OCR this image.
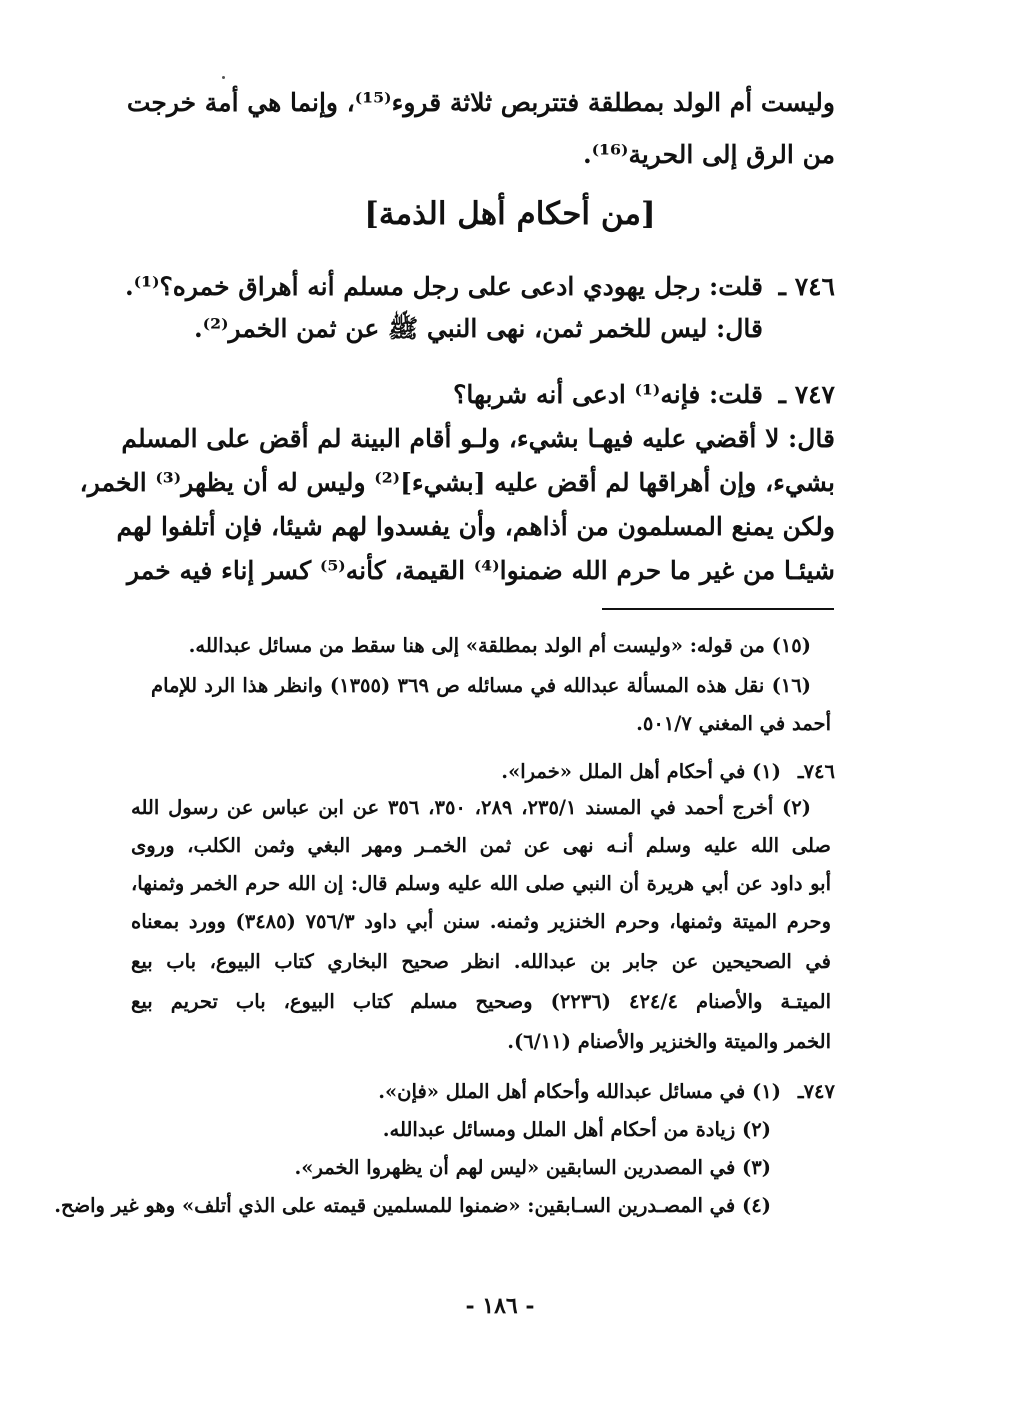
وليست أم الولد بمطلقة فتتربص ثلاثة قروء⁽¹⁵⁾، وإنما هي أمة خرجت
من الرق إلى الحرية⁽¹⁶⁾.
[من أحكام أهل الذمة]
٧٤٦ ـ
قلت: رجل يهودي ادعى على رجل مسلم أنه أهراق خمره؟⁽¹⁾.
قال: ليس للخمر ثمن، نهى النبي ﷺ عن ثمن الخمر⁽²⁾.
٧٤٧ ـ
قلت: فإنه⁽¹⁾ ادعى أنه شربها؟
قال: لا أقضي عليه فيهـا بشيء، ولـو أقام البينة لم أقض على المسلم
بشيء، وإن أهراقها لم أقض عليه [بشيء]⁽²⁾ وليس له أن يظهر⁽³⁾ الخمر،
ولكن يمنع المسلمون من أذاهم، وأن يفسدوا لهم شيئا، فإن أتلفوا لهم
شيئـا من غير ما حرم الله ضمنوا⁽⁴⁾ القيمة، كأنه⁽⁵⁾ كسر إناء فيه خمر
(١٥) من قوله: «وليست أم الولد بمطلقة» إلى هنا سقط من مسائل عبدالله.
(١٦) نقل هذه المسألة عبدالله في مسائله ص ٣٦٩ (١٣٥٥) وانظر هذا الرد للإمام
أحمد في المغني ٥٠١/٧.
٧٤٦ـ
(١) في أحكام أهل الملل «خمرا».
(٢) أخرج أحمد في المسند ٢٣٥/١، ٢٨٩، ٣٥٠، ٣٥٦ عن ابن عباس عن رسول الله
صلى الله عليه وسلم أنـه نهى عن ثمن الخمـر ومهر البغي وثمن الكلب، وروى
أبو داود عن أبي هريرة أن النبي صلى الله عليه وسلم قال: إن الله حرم الخمر وثمنها،
وحرم الميتة وثمنها، وحرم الخنزير وثمنه. سنن أبي داود ٧٥٦/٣ (٣٤٨٥) وورد بمعناه
في الصحيحين عن جابر بن عبدالله. انظر صحيح البخاري كتاب البيوع، باب بيع
الميتـة والأصنام ٤٢٤/٤ (٢٢٣٦) وصحيح مسلم كتاب البيوع، باب تحريم بيع
الخمر والميتة والخنزير والأصنام (٦/١١).
٧٤٧ـ
(١) في مسائل عبدالله وأحكام أهل الملل «فإن».
(٢) زيادة من أحكام أهل الملل ومسائل عبدالله.
(٣) في المصدرين السابقين «ليس لهم أن يظهروا الخمر».
(٤) في المصـدرين السـابقين: «ضمنوا للمسلمين قيمته على الذي أتلف» وهو غير واضح.
- ١٨٦ -
